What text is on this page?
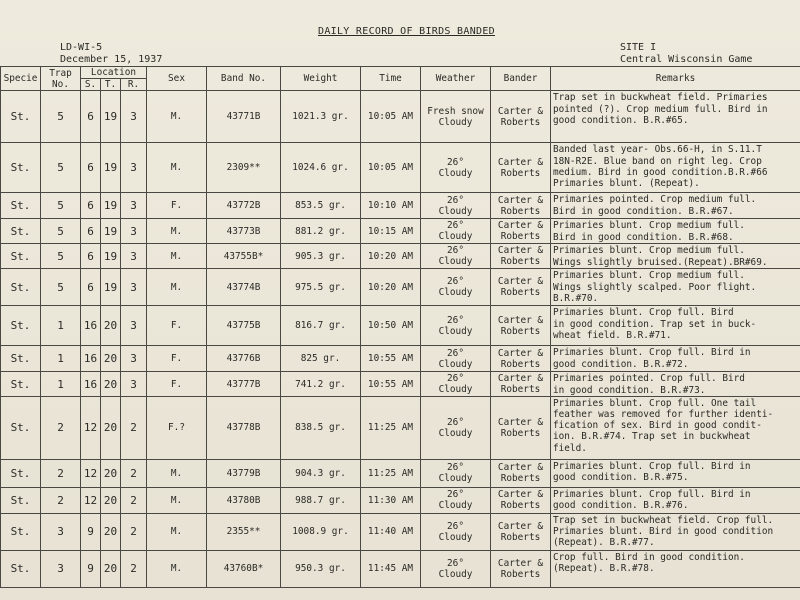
DAILY RECORD OF BIRDS BANDED
LD-WI-5
December 15, 1937
SITE I
Central Wisconsin Game
Specie	Trap No.	Location			Sex	Band No.	Weight	Time	Weather	Bander	Remarks
		S.	T.	R.							
St.	5	6	19	3	M.	43771B	1021.3 gr.	10:05 AM	Fresh snow
Cloudy	Carter &
Roberts	Trap set in buckwheat field. Primaries
pointed (?). Crop medium full. Bird in
good condition. B.R.#65.
St.	5	6	19	3	M.	2309**	1024.6 gr.	10:05 AM	26°
Cloudy	Carter &
Roberts	Banded last year- Obs.66-H, in S.11.T
18N-R2E. Blue band on right leg. Crop
medium. Bird in good condition.B.R.#66
Primaries blunt. (Repeat).
St.	5	6	19	3	F.	43772B	853.5 gr.	10:10 AM	26°
Cloudy	Carter &
Roberts	Primaries pointed. Crop medium full.
Bird in good condition. B.R.#67.
St.	5	6	19	3	M.	43773B	881.2 gr.	10:15 AM	26°
Cloudy	Carter &
Roberts	Primaries blunt. Crop medium full.
Bird in good condition. B.R.#68.
St.	5	6	19	3	M.	43755B*	905.3 gr.	10:20 AM	26°
Cloudy	Carter &
Roberts	Primaries blunt. Crop medium full.
Wings slightly bruised.(Repeat).BR#69.
St.	5	6	19	3	M.	43774B	975.5 gr.	10:20 AM	26°
Cloudy	Carter &
Roberts	Primaries blunt. Crop medium full.
Wings slightly scalped. Poor flight.
B.R.#70.
St.	1	16	20	3	F.	43775B	816.7 gr.	10:50 AM	26°
Cloudy	Carter &
Roberts	Primaries blunt. Crop full. Bird
in good condition. Trap set in buck-
wheat field. B.R.#71.
St.	1	16	20	3	F.	43776B	825 gr.	10:55 AM	26°
Cloudy	Carter &
Roberts	Primaries blunt. Crop full. Bird in
good condition. B.R.#72.
St.	1	16	20	3	F.	43777B	741.2 gr.	10:55 AM	26°
Cloudy	Carter &
Roberts	Primaries pointed. Crop full. Bird
in good condition. B.R.#73.
St.	2	12	20	2	F.?	43778B	838.5 gr.	11:25 AM	26°
Cloudy	Carter &
Roberts	Primaries blunt. Crop full. One tail
feather was removed for further identi-
fication of sex. Bird in good condit-
ion. B.R.#74. Trap set in buckwheat
field.
St.	2	12	20	2	M.	43779B	904.3 gr.	11:25 AM	26°
Cloudy	Carter &
Roberts	Primaries blunt. Crop full. Bird in
good condition. B.R.#75.
St.	2	12	20	2	M.	43780B	988.7 gr.	11:30 AM	26°
Cloudy	Carter &
Roberts	Primaries blunt. Crop full. Bird in
good condition. B.R.#76.
St.	3	9	20	2	M.	2355**	1008.9 gr.	11:40 AM	26°
Cloudy	Carter &
Roberts	Trap set in buckwheat field. Crop full.
Primaries blunt. Bird in good condition
(Repeat). B.R.#77.
St.	3	9	20	2	M.	43760B*	950.3 gr.	11:45 AM	26°
Cloudy	Carter &
Roberts	Crop full. Bird in good condition.
(Repeat). B.R.#78.
